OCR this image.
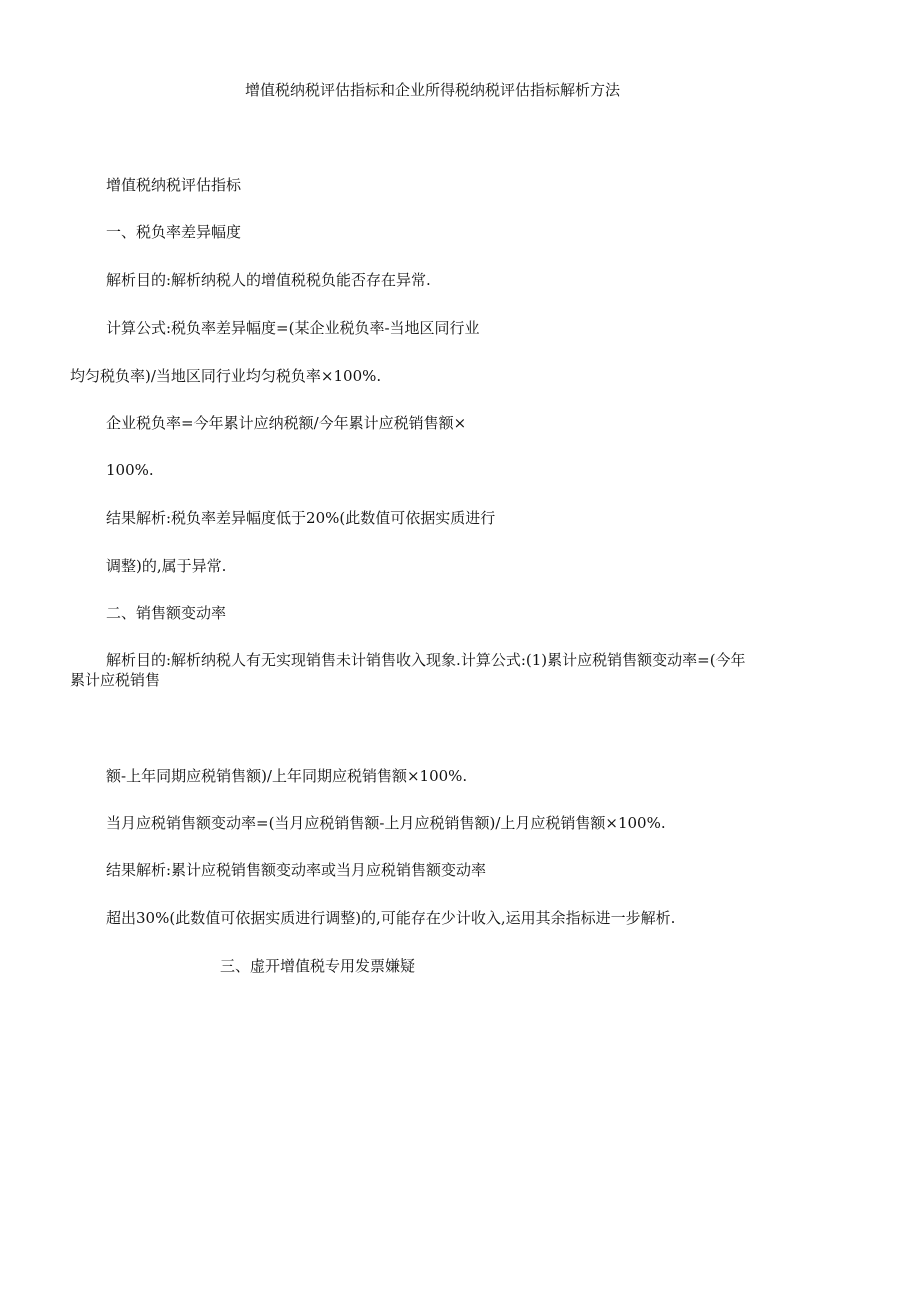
增值税纳税评估指标和企业所得税纳税评估指标解析方法

增值税纳税评估指标

一、税负率差异幅度

解析目的:解析纳税人的增值税税负能否存在异常.

计算公式:税负率差异幅度=(某企业税负率-当地区同行业

均匀税负率)/当地区同行业均匀税负率×100%.

企业税负率=今年累计应纳税额/今年累计应税销售额×

100%.

结果解析:税负率差异幅度低于20%(此数值可依据实质进行

调整)的,属于异常.

二、销售额变动率

解析目的:解析纳税人有无实现销售未计销售收入现象.计算公式:(1)累计应税销售额变动率=(今年

累计应税销售

额-上年同期应税销售额)/上年同期应税销售额×100%.

当月应税销售额变动率=(当月应税销售额-上月应税销售额)/上月应税销售额×100%.

结果解析:累计应税销售额变动率或当月应税销售额变动率

超出30%(此数值可依据实质进行调整)的,可能存在少计收入,运用其余指标进一步解析.

三、虚开增值税专用发票嫌疑
